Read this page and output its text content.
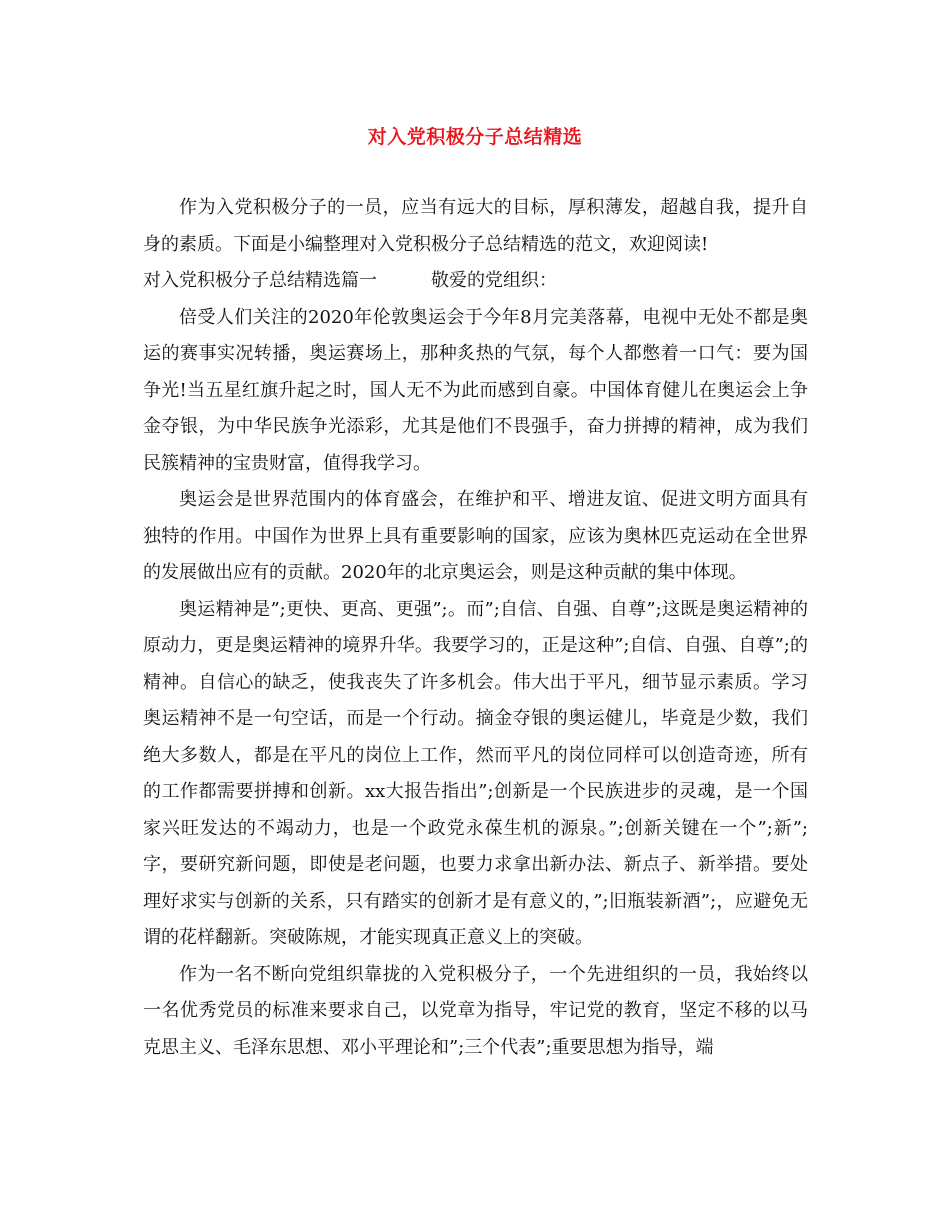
对入党积极分子总结精选

作为入党积极分子的一员，应当有远大的目标，厚积薄发，超越自我，提升自身的素质。下面是小编整理对入党积极分子总结精选的范文，欢迎阅读!

对入党积极分子总结精选篇一	敬爱的党组织：

倍受人们关注的2020年伦敦奥运会于今年8月完美落幕，电视中无处不都是奥运的赛事实况转播，奥运赛场上，那种炙热的气氛，每个人都憋着一口气：要为国争光!当五星红旗升起之时，国人无不为此而感到自豪。中国体育健儿在奥运会上争金夺银，为中华民族争光添彩，尤其是他们不畏强手，奋力拼搏的精神，成为我们民簇精神的宝贵财富，值得我学习。

奥运会是世界范围内的体育盛会，在维护和平、增进友谊、促进文明方面具有独特的作用。中国作为世界上具有重要影响的国家，应该为奥林匹克运动在全世界的发展做出应有的贡献。2020年的北京奥运会，则是这种贡献的集中体现。

奥运精神是”;更快、更高、更强”;。而”;自信、自强、自尊”;这既是奥运精神的原动力，更是奥运精神的境界升华。我要学习的，正是这种”;自信、自强、自尊”;的精神。自信心的缺乏，使我丧失了许多机会。伟大出于平凡，细节显示素质。学习奥运精神不是一句空话，而是一个行动。摘金夺银的奥运健儿，毕竟是少数，我们绝大多数人，都是在平凡的岗位上工作，然而平凡的岗位同样可以创造奇迹，所有的工作都需要拼搏和创新。xx大报告指出”;创新是一个民族进步的灵魂，是一个国家兴旺发达的不竭动力，也是一个政党永葆生机的源泉。”;创新关键在一个”;新”;字，要研究新问题，即使是老问题，也要力求拿出新办法、新点子、新举措。要处理好求实与创新的关系，只有踏实的创新才是有意义的，”;旧瓶装新酒”;，应避免无谓的花样翻新。突破陈规，才能实现真正意义上的突破。

作为一名不断向党组织靠拢的入党积极分子，一个先进组织的一员，我始终以一名优秀党员的标准来要求自己，以党章为指导，牢记党的教育，坚定不移的以马克思主义、毛泽东思想、邓小平理论和”;三个代表”;重要思想为指导，端
